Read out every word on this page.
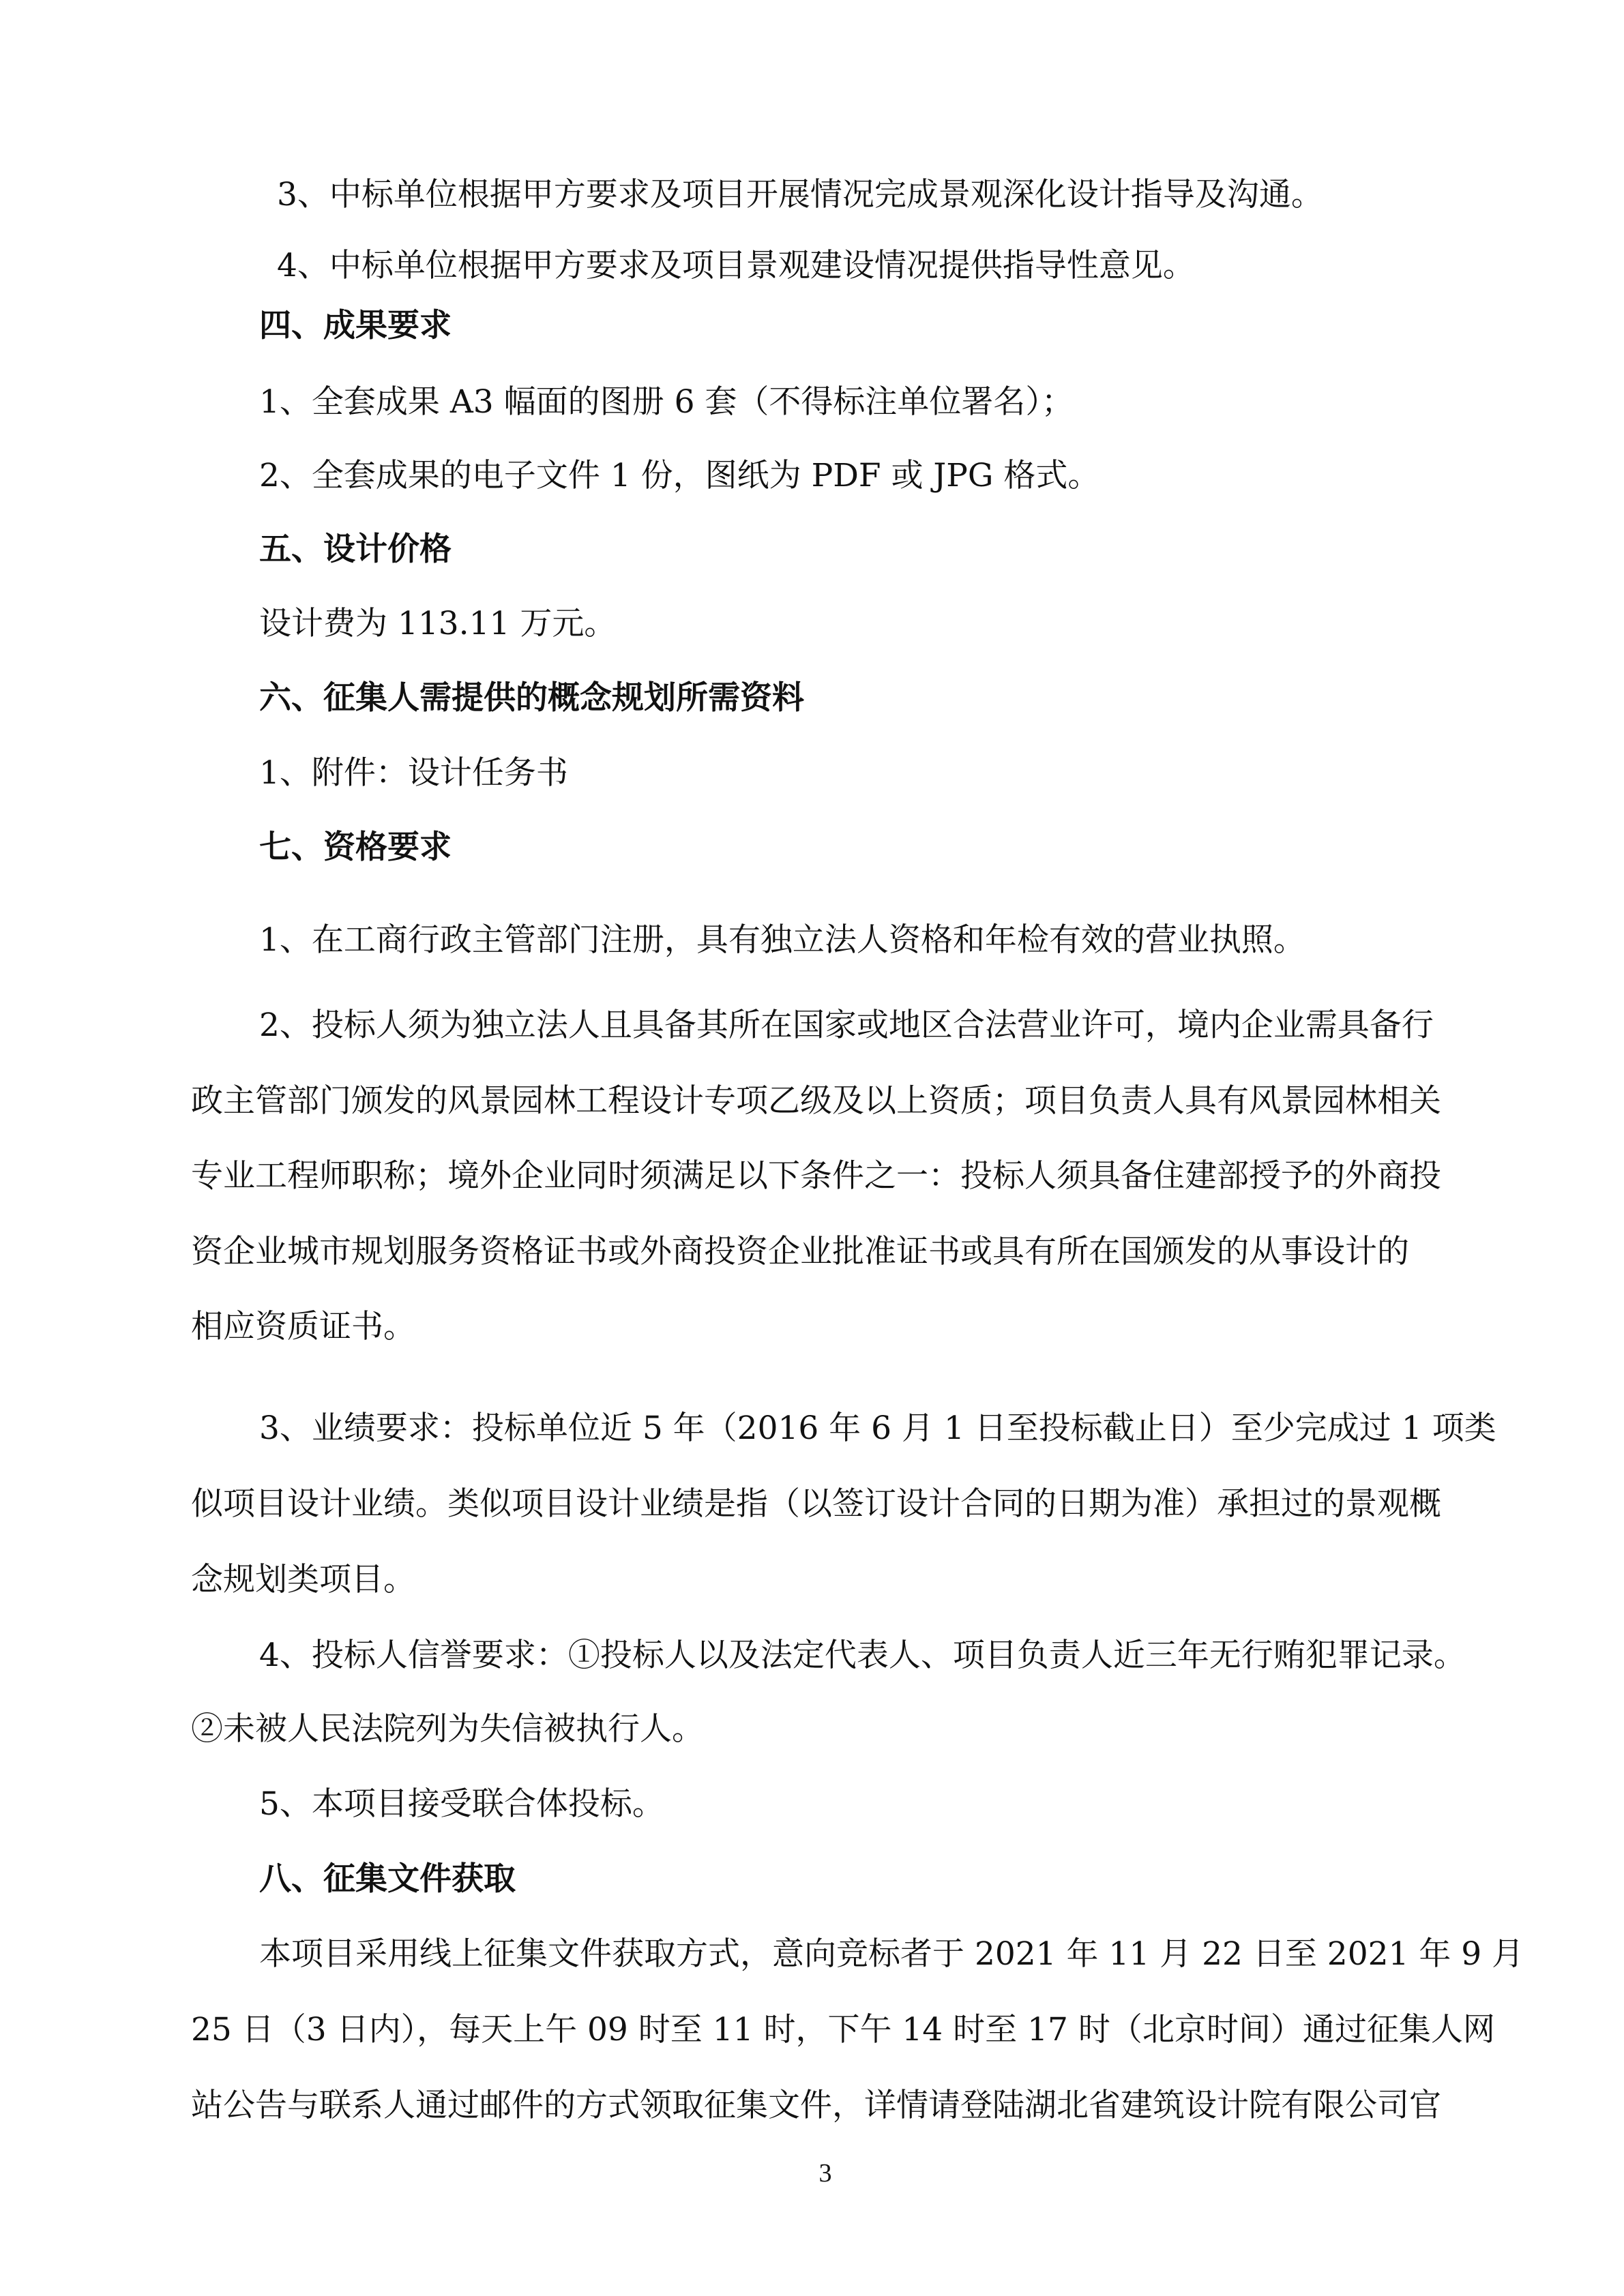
3、中标单位根据甲方要求及项目开展情况完成景观深化设计指导及沟通。
4、中标单位根据甲方要求及项目景观建设情况提供指导性意见。
四、成果要求
1、全套成果 A3 幅面的图册 6 套（不得标注单位署名）；
2、全套成果的电子文件 1 份，图纸为 PDF 或 JPG 格式。
五、设计价格
设计费为 113.11 万元。
六、征集人需提供的概念规划所需资料
1、附件：设计任务书
七、资格要求
1、在工商行政主管部门注册，具有独立法人资格和年检有效的营业执照。
2、投标人须为独立法人且具备其所在国家或地区合法营业许可，境内企业需具备行
政主管部门颁发的风景园林工程设计专项乙级及以上资质；项目负责人具有风景园林相关
专业工程师职称；境外企业同时须满足以下条件之一：投标人须具备住建部授予的外商投
资企业城市规划服务资格证书或外商投资企业批准证书或具有所在国颁发的从事设计的
相应资质证书。
3、业绩要求：投标单位近 5 年（2016 年 6 月 1 日至投标截止日）至少完成过 1 项类
似项目设计业绩。类似项目设计业绩是指（以签订设计合同的日期为准）承担过的景观概
念规划类项目。
4、投标人信誉要求：①投标人以及法定代表人、项目负责人近三年无行贿犯罪记录。
②未被人民法院列为失信被执行人。
5、本项目接受联合体投标。
八、征集文件获取
本项目采用线上征集文件获取方式，意向竞标者于 2021 年 11 月 22 日至 2021 年 9 月
25 日（3 日内），每天上午 09 时至 11 时，下午 14 时至 17 时（北京时间）通过征集人网
站公告与联系人通过邮件的方式领取征集文件，详情请登陆湖北省建筑设计院有限公司官
3
